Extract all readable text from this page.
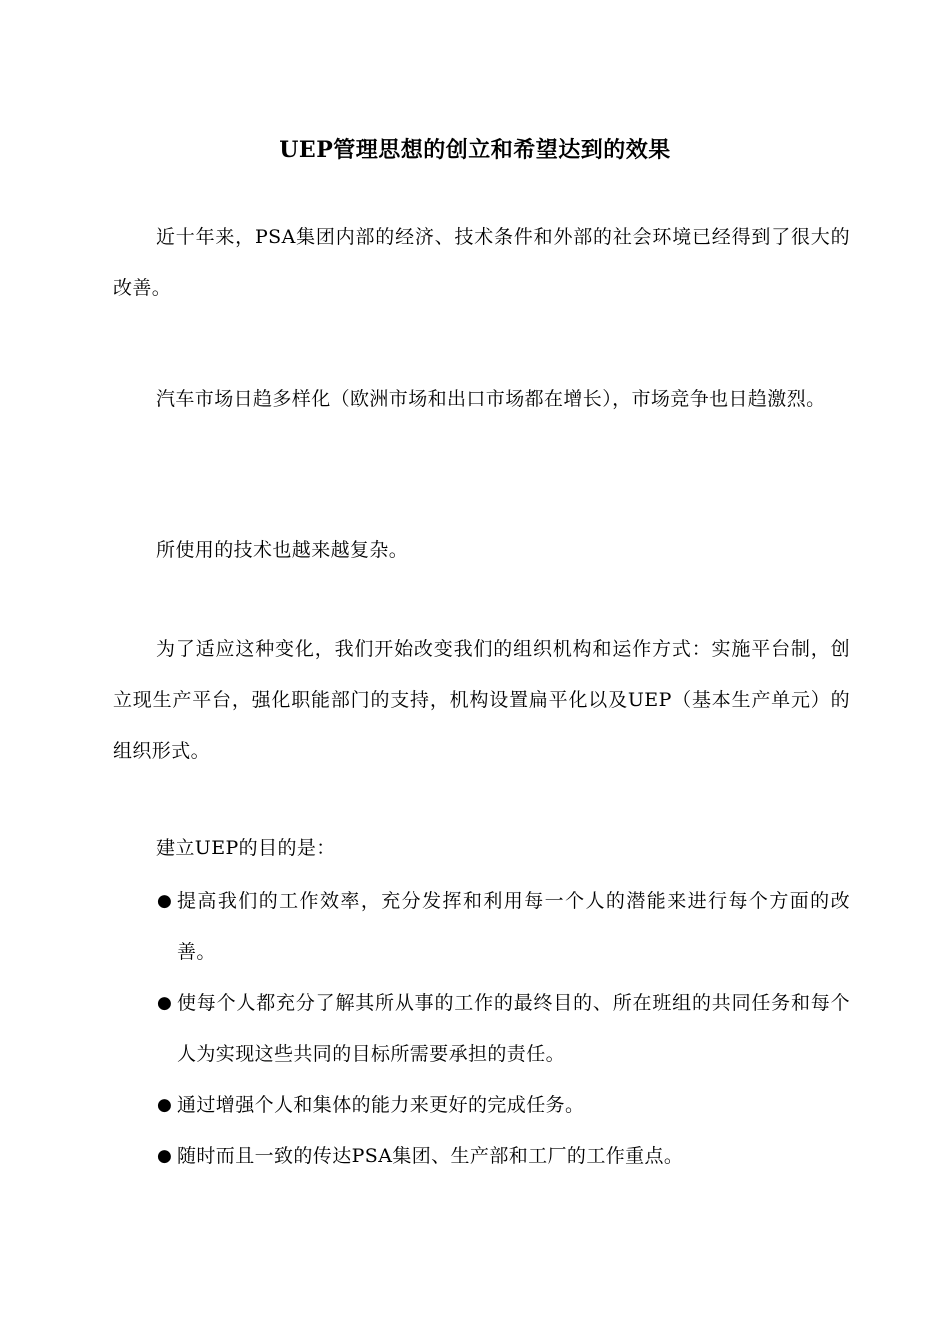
UEP管理思想的创立和希望达到的效果

近十年来，PSA集团内部的经济、技术条件和外部的社会环境已经得到了很大的改善。

汽车市场日趋多样化（欧洲市场和出口市场都在增长），市场竞争也日趋激烈。

所使用的技术也越来越复杂。

为了适应这种变化，我们开始改变我们的组织机构和运作方式：实施平台制，创立现生产平台，强化职能部门的支持，机构设置扁平化以及UEP（基本生产单元）的组织形式。

建立UEP的目的是：

● 提高我们的工作效率，充分发挥和利用每一个人的潜能来进行每个方面的改善。
● 使每个人都充分了解其所从事的工作的最终目的、所在班组的共同任务和每个人为实现这些共同的目标所需要承担的责任。
● 通过增强个人和集体的能力来更好的完成任务。
● 随时而且一致的传达PSA集团、生产部和工厂的工作重点。
